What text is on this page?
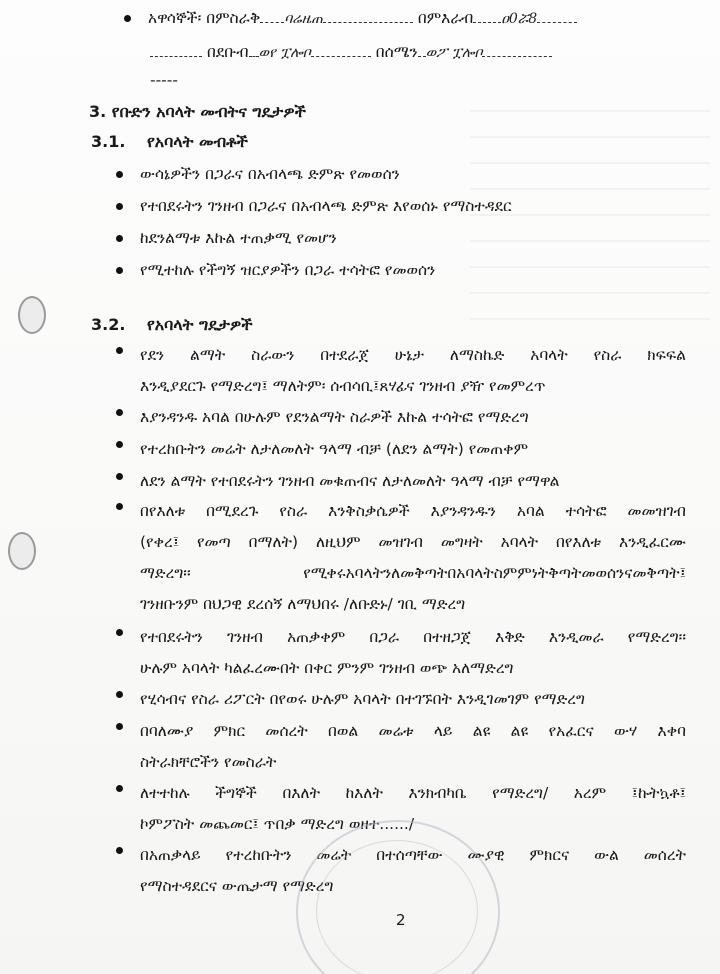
አዋሳኞች፡ በምስራቅ ባሬዜጠ	በምእራብ ዐ0ሯ8
በደቡብ ወየ ፗሎቦ	በሰሜን ወፖ ፗሎቦ
-----
3. የቡድን አባላት መብትና ግዴታዎች
3.1. የአባላት መብቶች
ውሳኔዎችን በጋራና በአብላጫ ድምጽ የመወሰን
የተበደሩትን ገንዘብ በጋራና በአብላጫ ድምጽ እየወሰኑ የማስተዳደር
ከደንልማቱ እኩል ተጠቃሚ የመሆን
የሚተከሉ የችግኝ ዝርያዎችን በጋራ ተሳትፎ የመወሰን
3.2. የአባላት ግዴታዎች
የደን ልማት ስራውን በተደራጀ ሁኔታ ለማስኬድ አባላት የስራ ክፍፍል
እንዲያደርጉ የማድረግ፤ ማለትም፡ ሰብሳቢ፤ጸሃፊና ገንዘብ ያዥ የመምረጥ
እያንዳንዱ አባል በሁሉም የደንልማት ስራዎች እኩል ተሳትፎ የማድረግ
የተረከቡትን መሬት ለታለመለት ዓላማ ብቻ (ለደን ልማት) የመጠቀም
ለደን ልማት የተበደሩትን ገንዘብ መቁጠብና ለታለመለት ዓላማ ብቻ የማዋል
በየእለቱ በሚደረጉ የስራ እንቅስቃሴዎች እያንዳንዱን አባል ተሳትፎ መመዝገብ
(የቀረ፤ የመጣ በማለት) ለዚህም መዝገብ መግዛት አባላት በየእለቱ እንዲፈርሙ
ማድረግ፡፡ የሚቀሩአባላትንለመቅጣትበአባላትስምምነትቅጣትመወሰንናመቅጣት፤
ገንዘቡንም በህጋዊ ደረሰኝ ለማህበሩ /ለቡድኑ/ ገቢ ማድረግ
የተበደሩትን ገንዘብ አጠቃቀም በጋራ በተዘጋጀ እቅድ እንዲመራ የማድረግ፡፡
ሁሉም አባላት ካልፈረሙበት በቀር ምንም ገንዘብ ወጭ አለማድረግ
የሂሳብና የስራ ሪፖርት በየወሩ ሁሉም አባላት በተገኙበት እንዲገመገም የማድረግ
በባለሙያ ምክር መሰረት በወል መሬቱ ላይ ልዩ ልዩ የአፈርና ውሃ እቀባ
ስትራክቸሮችን የመስራት
ለተተከሉ ችግኞች በእለት ከእለት እንክብካቤ የማድረግ/ አረም ፤ኩትኳቶ፤
ኮምፖስት መጨመር፤ ጥበቃ ማድረግ ወዘተ....../
በአጠቃላይ የተረከቡትን መሬት በተሰጣቸው ሙያዊ ምክርና ውል መሰረት
የማስተዳደርና ውጤታማ የማድረግ
2
